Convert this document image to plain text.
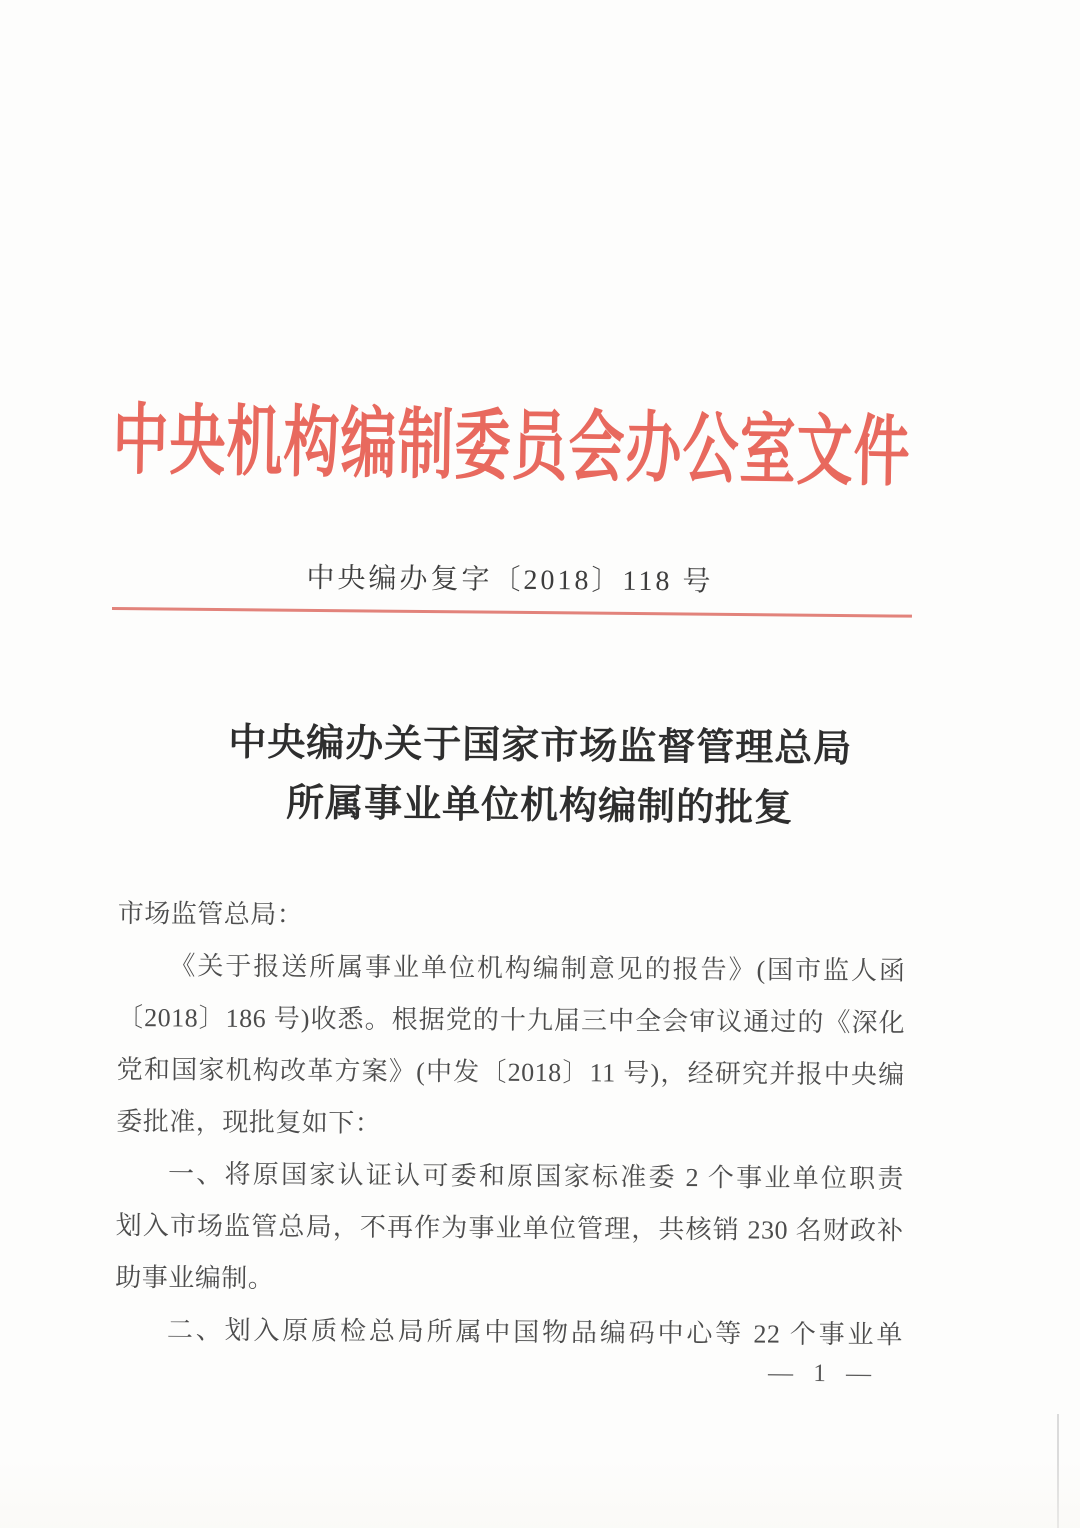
中央机构编制委员会办公室文件
中央编办复字〔2018〕118 号
中央编办关于国家市场监督管理总局
所属事业单位机构编制的批复
市场监管总局：
《关于报送所属事业单位机构编制意见的报告》(国市监人函
〔2018〕186 号)收悉。根据党的十九届三中全会审议通过的《深化
党和国家机构改革方案》(中发〔2018〕11 号)，经研究并报中央编
委批准，现批复如下：
一、将原国家认证认可委和原国家标准委 2 个事业单位职责
划入市场监管总局，不再作为事业单位管理，共核销 230 名财政补
助事业编制。
二、划入原质检总局所属中国物品编码中心等 22 个事业单
— 1 —
